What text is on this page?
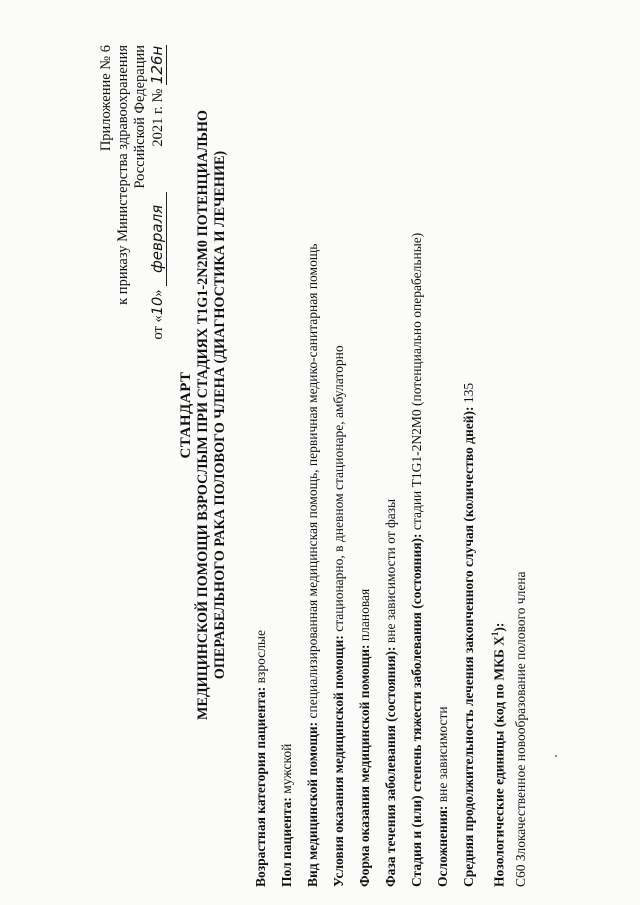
Приложение № 6 к приказу Министерства здравоохранения Российской Федерации
от «10» февраля  2021 г. № 126н
СТАНДАРТ МЕДИЦИНСКОЙ ПОМОЩИ ВЗРОСЛЫМ ПРИ СТАДИЯХ T1G1-2N2M0 ПОТЕНЦИАЛЬНО ОПЕРАБЕЛЬНОГО РАКА ПОЛОВОГО ЧЛЕНА (ДИАГНОСТИКА И ЛЕЧЕНИЕ)
Возрастная категория пациента: взрослые
Пол пациента: мужской Вид медицинской помощи: специализированная медицинская помощь, первичная медико-санитарная помощь
Условия оказания медицинской помощи: стационарно, в дневном стационаре, амбулаторно
Форма оказания медицинской помощи: плановая
Фаза течения заболевания (состояния): вне зависимости от фазы Стадия и (или) степень тяжести заболевания (состояния): стадии T1G1-2N2M0 (потенциально операбельные)
Осложнения: вне зависимости Средняя продолжительность лечения законченного случая (количество дней): 135
Нозологические единицы (код по МКБ $X^1$): C60 Злокачественное новообразование полового члена
